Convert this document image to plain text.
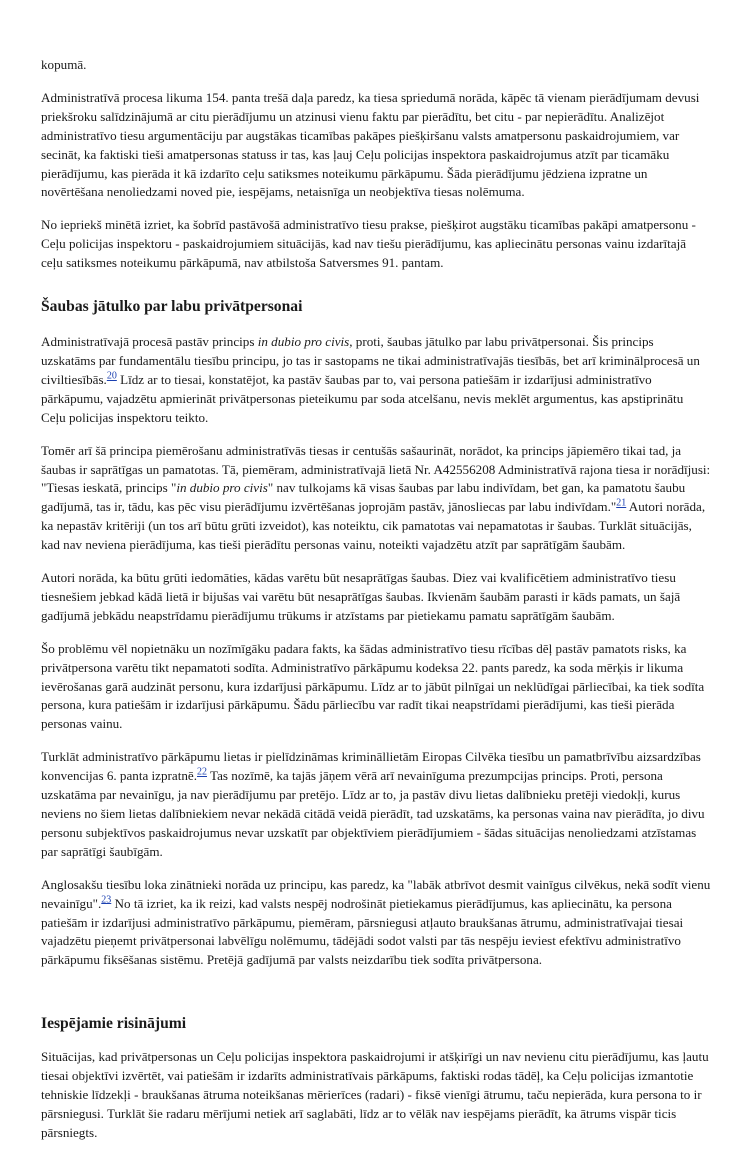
kopumā.

Administratīvā procesa likuma 154. panta trešā daļa paredz, ka tiesa spriedumā norāda, kāpēc tā vienam pierādījumam devusi priekšroku salīdzinājumā ar citu pierādījumu un atzinusi vienu faktu par pierādītu, bet citu - par nepierādītu. Analizējot administratīvo tiesu argumentāciju par augstākas ticamības pakāpes piešķiršanu valsts amatpersonu paskaidrojumiem, var secināt, ka faktiski tieši amatpersonas statuss ir tas, kas ļauj Ceļu policijas inspektora paskaidrojumus atzīt par ticamāku pierādījumu, kas pierāda it kā izdarīto ceļu satiksmes noteikumu pārkāpumu. Šāda pierādījumu jēdziena izpratne un novērtēšana nenoliedzami noved pie, iespējams, netaisnīga un neobjektīva tiesas nolēmuma.

No iepriekš minētā izriet, ka šobrīd pastāvošā administratīvo tiesu prakse, piešķirot augstāku ticamības pakāpi amatpersonu - Ceļu policijas inspektoru - paskaidrojumiem situācijās, kad nav tiešu pierādījumu, kas apliecinātu personas vainu izdarītajā ceļu satiksmes noteikumu pārkāpumā, nav atbilstoša Satversmes 91. pantam.

Šaubas jātulko par labu privātpersonai

Administratīvajā procesā pastāv princips in dubio pro civis, proti, šaubas jātulko par labu privātpersonai. Šis princips uzskatāms par fundamentālu tiesību principu, jo tas ir sastopams ne tikai administratīvajās tiesībās, bet arī kriminālprocesā un civiltiesībās.$^{20}$ Līdz ar to tiesai, konstatējot, ka pastāv šaubas par to, vai persona patiešām ir izdarījusi administratīvo pārkāpumu, vajadzētu apmierināt privātpersonas pieteikumu par soda atcelšanu, nevis meklēt argumentus, kas apstiprinātu Ceļu policijas inspektoru teikto.

Tomēr arī šā principa piemērošanu administratīvās tiesas ir centušās sašaurināt, norādot, ka princips jāpiemēro tikai tad, ja šaubas ir saprātīgas un pamatotas. Tā, piemēram, administratīvajā lietā Nr. A42556208 Administratīvā rajona tiesa ir norādījusi: "Tiesas ieskatā, princips "in dubio pro civis" nav tulkojams kā visas šaubas par labu indivīdam, bet gan, ka pamatotu šaubu gadījumā, tas ir, tādu, kas pēc visu pierādījumu izvērtēšanas joprojām pastāv, jānosliecas par labu indivīdam."$^{21}$ Autori norāda, ka nepastāv kritēriji (un tos arī būtu grūti izveidot), kas noteiktu, cik pamatotas vai nepamatotas ir šaubas. Turklāt situācijās, kad nav neviena pierādījuma, kas tieši pierādītu personas vainu, noteikti vajadzētu atzīt par saprātīgām šaubām.

Autori norāda, ka būtu grūti iedomāties, kādas varētu būt nesaprātīgas šaubas. Diez vai kvalificētiem administratīvo tiesu tiesnešiem jebkad kādā lietā ir bijušas vai varētu būt nesaprātīgas šaubas. Ikvienām šaubām parasti ir kāds pamats, un šajā gadījumā jebkādu neapstrīdamu pierādījumu trūkums ir atzīstams par pietiekamu pamatu saprātīgām šaubām.

Šo problēmu vēl nopietnāku un nozīmīgāku padara fakts, ka šādas administratīvo tiesu rīcības dēļ pastāv pamatots risks, ka privātpersona varētu tikt nepamatoti sodīta. Administratīvo pārkāpumu kodeksa 22. pants paredz, ka soda mērķis ir likuma ievērošanas garā audzināt personu, kura izdarījusi pārkāpumu. Līdz ar to jābūt pilnīgai un neklūdīgai pārliecībai, ka tiek sodīta persona, kura patiešām ir izdarījusi pārkāpumu. Šādu pārliecību var radīt tikai neapstrīdami pierādījumi, kas tieši pierāda personas vainu.

Turklāt administratīvo pārkāpumu lietas ir pielīdzināmas krimināllietām Eiropas Cilvēka tiesību un pamatbrīvību aizsardzības konvencijas 6. panta izpratnē.$^{22}$ Tas nozīmē, ka tajās jāņem vērā arī nevainīguma prezumpcijas princips. Proti, persona uzskatāma par nevainīgu, ja nav pierādījumu par pretējo. Līdz ar to, ja pastāv divu lietas dalībnieku pretēji viedokļi, kurus neviens no šiem lietas dalībniekiem nevar nekādā citādā veidā pierādīt, tad uzskatāms, ka personas vaina nav pierādīta, jo divu personu subjektīvos paskaidrojumus nevar uzskatīt par objektīviem pierādījumiem - šādas situācijas nenoliedzami atzīstamas par saprātīgi šaubīgām.

Anglosakšu tiesību loka zinātnieki norāda uz principu, kas paredz, ka "labāk atbrīvot desmit vainīgus cilvēkus, nekā sodīt vienu nevainīgu".$^{23}$ No tā izriet, ka ik reizi, kad valsts nespēj nodrošināt pietiekamus pierādījumus, kas apliecinātu, ka persona patiešām ir izdarījusi administratīvo pārkāpumu, piemēram, pārsniegusi atļauto braukšanas ātrumu, administratīvajai tiesai vajadzētu pieņemt privātpersonai labvēlīgu nolēmumu, tādējādi sodot valsti par tās nespēju ieviest efektīvu administratīvo pārkāpumu fiksēšanas sistēmu. Pretējā gadījumā par valsts neizdarību tiek sodīta privātpersona.

Iespējamie risinājumi

Situācijas, kad privātpersonas un Ceļu policijas inspektora paskaidrojumi ir atšķirīgi un nav nevienu citu pierādījumu, kas ļautu tiesai objektīvi izvērtēt, vai patiešām ir izdarīts administratīvais pārkāpums, faktiski rodas tādēļ, ka Ceļu policijas izmantotie tehniskie līdzekļi - braukšanas ātruma noteikšanas mērierīces (radari) - fiksē vienīgi ātrumu, taču nepierāda, kura persona to ir pārsniegusi. Turklāt šie radaru mērījumi netiek arī saglabāti, līdz ar to vēlāk nav iespējams pierādīt, ka ātrums vispār ticis pārsniegts.
